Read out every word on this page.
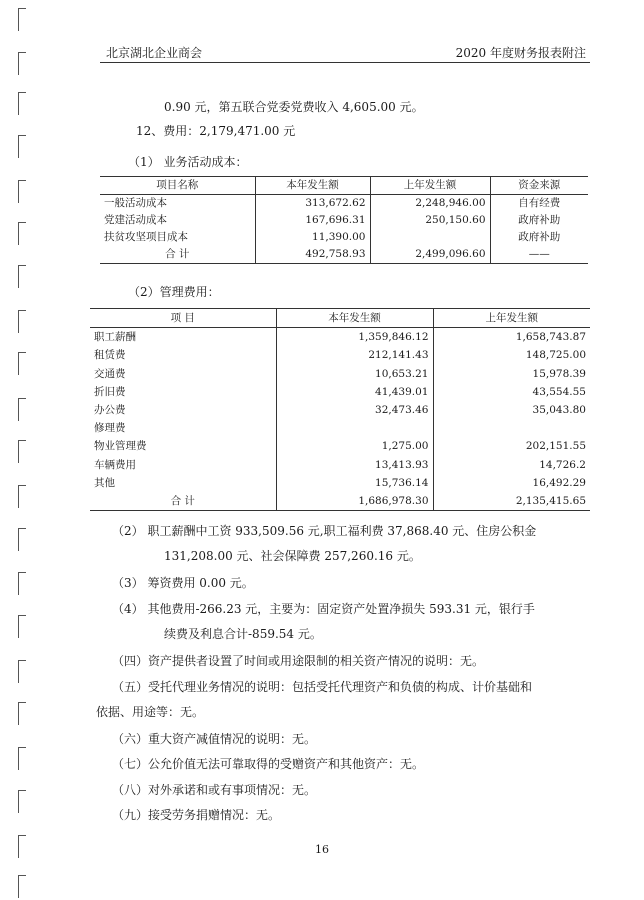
北京湖北企业商会	2020 年度财务报表附注
0.90 元，第五联合党委党费收入 4,605.00 元。
12、费用：2,179,471.00 元
（1） 业务活动成本：
项目名称	本年发生额	上年发生额	资金来源
一般活动成本	313,672.62	2,248,946.00	自有经费
党建活动成本	167,696.31	250,150.60	政府补助
扶贫攻坚项目成本	11,390.00		政府补助
合 计	492,758.93	2,499,096.60	——
（2）管理费用：
项 目	本年发生额	上年发生额
职工薪酬	1,359,846.12	1,658,743.87
租赁费	212,141.43	148,725.00
交通费	10,653.21	15,978.39
折旧费	41,439.01	43,554.55
办公费	32,473.46	35,043.80
修理费		
物业管理费	1,275.00	202,151.55
车辆费用	13,413.93	14,726.2
其他	15,736.14	16,492.29
合 计	1,686,978.30	2,135,415.65
（2） 职工薪酬中工资 933,509.56 元,职工福利费 37,868.40 元、住房公积金
131,208.00 元、社会保障费 257,260.16 元。
（3） 筹资费用 0.00 元。
（4） 其他费用-266.23 元，主要为：固定资产处置净损失 593.31 元，银行手
续费及利息合计-859.54 元。
（四）资产提供者设置了时间或用途限制的相关资产情况的说明：无。
（五）受托代理业务情况的说明：包括受托代理资产和负债的构成、计价基础和
依据、用途等：无。
（六）重大资产减值情况的说明：无。
（七）公允价值无法可靠取得的受赠资产和其他资产：无。
（八）对外承诺和或有事项情况：无。
（九）接受劳务捐赠情况：无。
16
